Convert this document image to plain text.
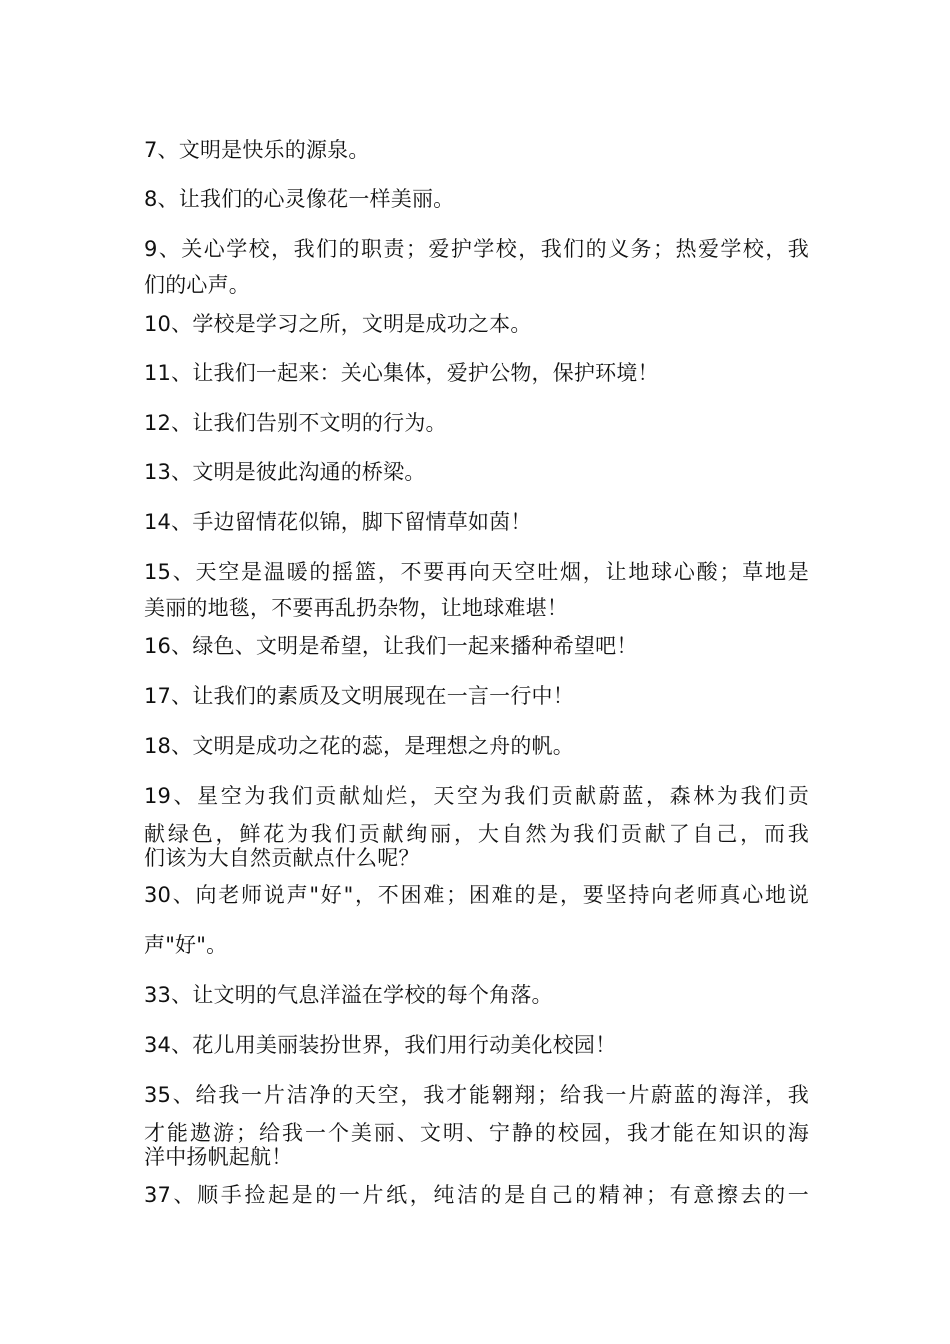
7、文明是快乐的源泉。
8、让我们的心灵像花一样美丽。
9、关心学校，我们的职责；爱护学校，我们的义务；热爱学校，我
们的心声。
10、学校是学习之所，文明是成功之本。
11、让我们一起来：关心集体，爱护公物，保护环境！
12、让我们告别不文明的行为。
13、文明是彼此沟通的桥梁。
14、手边留情花似锦，脚下留情草如茵！
15、天空是温暖的摇篮，不要再向天空吐烟，让地球心酸；草地是
美丽的地毯，不要再乱扔杂物，让地球难堪！
16、绿色、文明是希望，让我们一起来播种希望吧！
17、让我们的素质及文明展现在一言一行中！
18、文明是成功之花的蕊，是理想之舟的帆。
19、星空为我们贡献灿烂，天空为我们贡献蔚蓝，森林为我们贡
献绿色，鲜花为我们贡献绚丽，大自然为我们贡献了自己，而我
们该为大自然贡献点什么呢？
30、向老师说声"好"，不困难；困难的是，要坚持向老师真心地说
声"好"。
33、让文明的气息洋溢在学校的每个角落。
34、花儿用美丽装扮世界，我们用行动美化校园！
35、给我一片洁净的天空，我才能翱翔；给我一片蔚蓝的海洋，我
才能遨游；给我一个美丽、文明、宁静的校园，我才能在知识的海
洋中扬帆起航！
37、顺手捡起是的一片纸，纯洁的是自己的精神；有意擦去的一
